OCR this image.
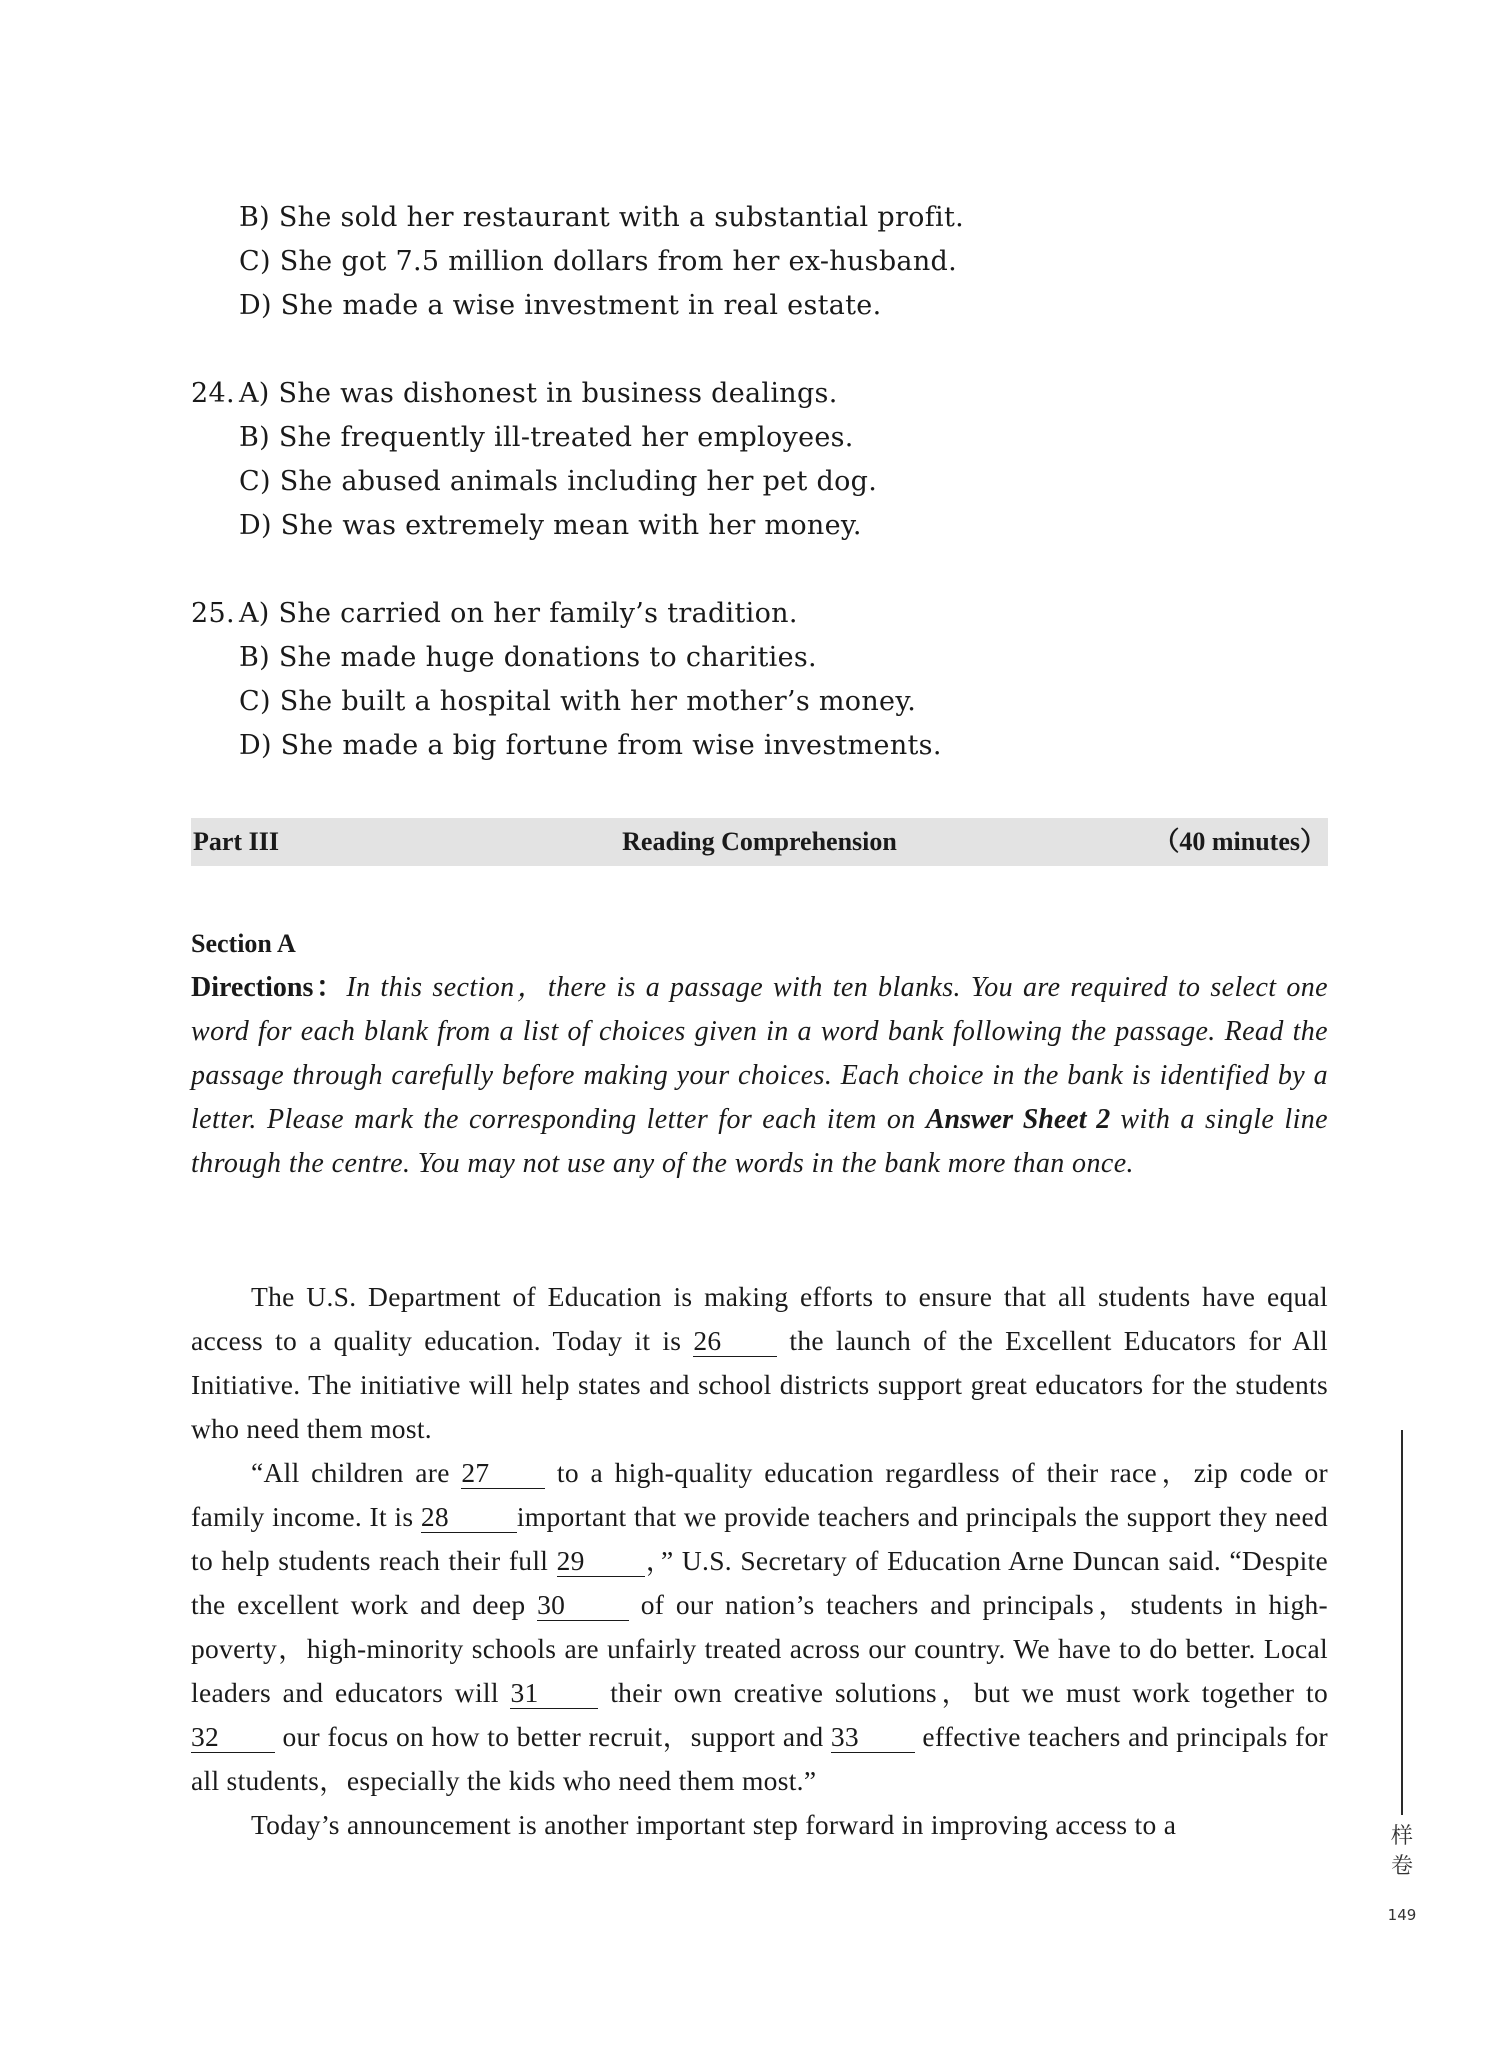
B) She sold her restaurant with a substantial profit.
C) She got 7.5 million dollars from her ex-husband.
D) She made a wise investment in real estate.
24. A) She was dishonest in business dealings.
B) She frequently ill-treated her employees.
C) She abused animals including her pet dog.
D) She was extremely mean with her money.
25. A) She carried on her family’s tradition.
B) She made huge donations to charities.
C) She built a hospital with her mother’s money.
D) She made a big fortune from wise investments.
Reading Comprehension
Part III	（40 minutes）
Section A
Directions：In this section，there is a passage with ten blanks. You are required to select one word for each blank from a list of choices given in a word bank following the passage. Read the passage through carefully before making your choices. Each choice in the bank is identified by a letter. Please mark the corresponding letter for each item on Answer Sheet 2 with a single line through the centre. You may not use any of the words in the bank more than once.

The U.S. Department of Education is making efforts to ensure that all students have equal access to a quality education. Today it is 26 the launch of the Excellent Educators for All Initiative. The initiative will help states and school districts support great educators for the students who need them most.

“All children are 27 to a high-quality education regardless of their race，zip code or family income. It is 28 important that we provide teachers and principals the support they need to help students reach their full 29 ，” U.S. Secretary of Education Arne Duncan said. “Despite the excellent work and deep 30 of our nation’s teachers and principals，students in high-poverty，high-minority schools are unfairly treated across our country. We have to do better. Local leaders and educators will 31 their own creative solutions，but we must work together to 32 our focus on how to better recruit，support and 33 effective teachers and principals for all students，especially the kids who need them most.”

Today’s announcement is another important step forward in improving access to a	样
卷
149
